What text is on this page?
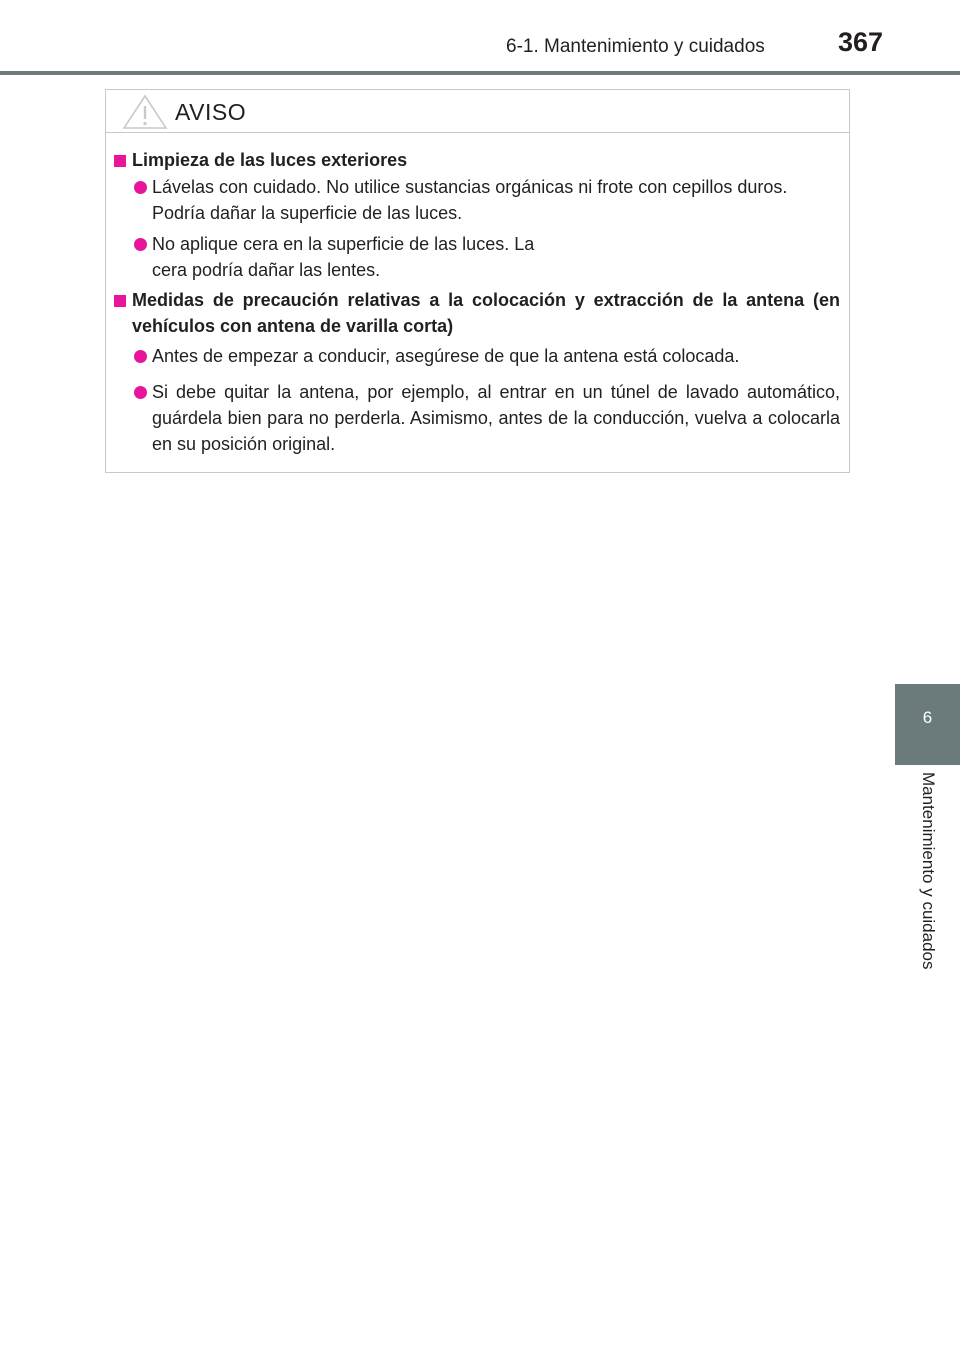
6-1. Mantenimiento y cuidados	367
AVISO

Limpieza de las luces exteriores

Lávelas con cuidado. No utilice sustancias orgánicas ni frote con cepillos duros. Podría dañar la superficie de las luces.

No aplique cera en la superficie de las luces. La cera podría dañar las lentes.

Medidas de precaución relativas a la colocación y extracción de la antena (en vehículos con antena de varilla corta)

Antes de empezar a conducir, asegúrese de que la antena está colocada.

Si debe quitar la antena, por ejemplo, al entrar en un túnel de lavado automático, guárdela bien para no perderla. Asimismo, antes de la conducción, vuelva a colocarla en su posición original.

6
Mantenimiento y cuidados
